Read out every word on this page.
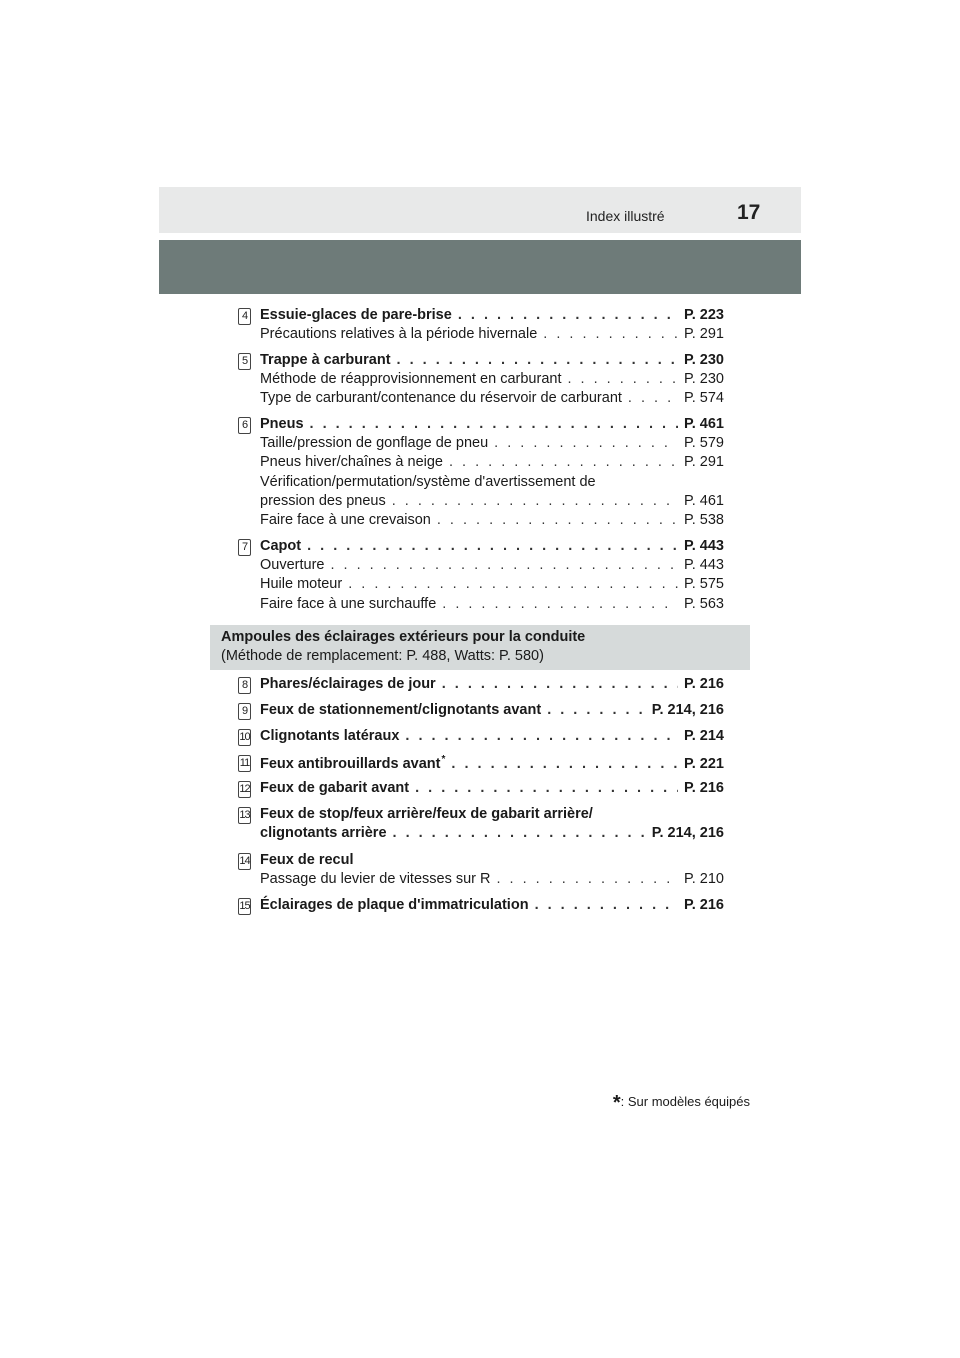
Index illustré	17
4 Essuie-glaces de pare-brise . . .	P. 223
Précautions relatives à la période hivernale . . .	P. 291
5 Trappe à carburant . . .	P. 230
Méthode de réapprovisionnement en carburant . . .	P. 230
Type de carburant/contenance du réservoir de carburant . . .	P. 574
6 Pneus . . .	P. 461
Taille/pression de gonflage de pneu . . .	P. 579
Pneus hiver/chaînes à neige . . .	P. 291
Vérification/permutation/système d'avertissement de
pression des pneus . . .	P. 461
Faire face à une crevaison . . .	P. 538
7 Capot . . .	P. 443
Ouverture . . .	P. 443
Huile moteur . . .	P. 575
Faire face à une surchauffe . . .	P. 563
Ampoules des éclairages extérieurs pour la conduite
(Méthode de remplacement: P. 488, Watts: P. 580)
8 Phares/éclairages de jour . . .	P. 216
9 Feux de stationnement/clignotants avant . . .	P. 214, 216
10 Clignotants latéraux . . .	P. 214
11 Feux antibrouillards avant* . . .	P. 221
12 Feux de gabarit avant . . .	P. 216
13 Feux de stop/feux arrière/feux de gabarit arrière/
clignotants arrière . . .	P. 214, 216
14 Feux de recul
Passage du levier de vitesses sur R . . .	P. 210
15 Éclairages de plaque d'immatriculation . . .	P. 216
*: Sur modèles équipés
